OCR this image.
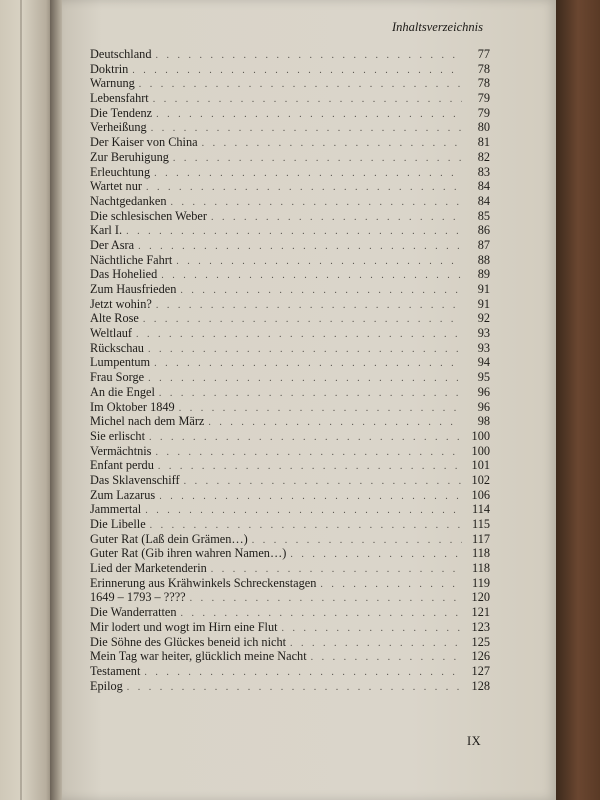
Inhaltsverzeichnis
Deutschland . . .	77
Doktrin . . .	78
Warnung . . .	78
Lebensfahrt . . .	79
Die Tendenz . . .	79
Verheißung . . .	80
Der Kaiser von China . . .	81
Zur Beruhigung . . .	82
Erleuchtung . . .	83
Wartet nur . . .	84
Nachtgedanken . . .	84
Die schlesischen Weber . . .	85
Karl I. . . .	86
Der Asra . . .	87
Nächtliche Fahrt . . .	88
Das Hohelied . . .	89
Zum Hausfrieden . . .	91
Jetzt wohin? . . .	91
Alte Rose . . .	92
Weltlauf . . .	93
Rückschau . . .	93
Lumpentum . . .	94
Frau Sorge . . .	95
An die Engel . . .	96
Im Oktober 1849 . . .	96
Michel nach dem März . . .	98
Sie erlischt . . .	100
Vermächtnis . . .	100
Enfant perdu . . .	101
Das Sklavenschiff . . .	102
Zum Lazarus . . .	106
Jammertal . . .	114
Die Libelle . . .	115
Guter Rat (Laß dein Grämen…) . . .	117
Guter Rat (Gib ihren wahren Namen…) . . .	118
Lied der Marketenderin . . .	118
Erinnerung aus Krähwinkels Schreckenstagen . . .	119
1649 – 1793 – ???? . . .	120
Die Wanderratten . . .	121
Mir lodert und wogt im Hirn eine Flut . . .	123
Die Söhne des Glückes beneid ich nicht . . .	125
Mein Tag war heiter, glücklich meine Nacht . . .	126
Testament . . .	127
Epilog . . .	128
IX
